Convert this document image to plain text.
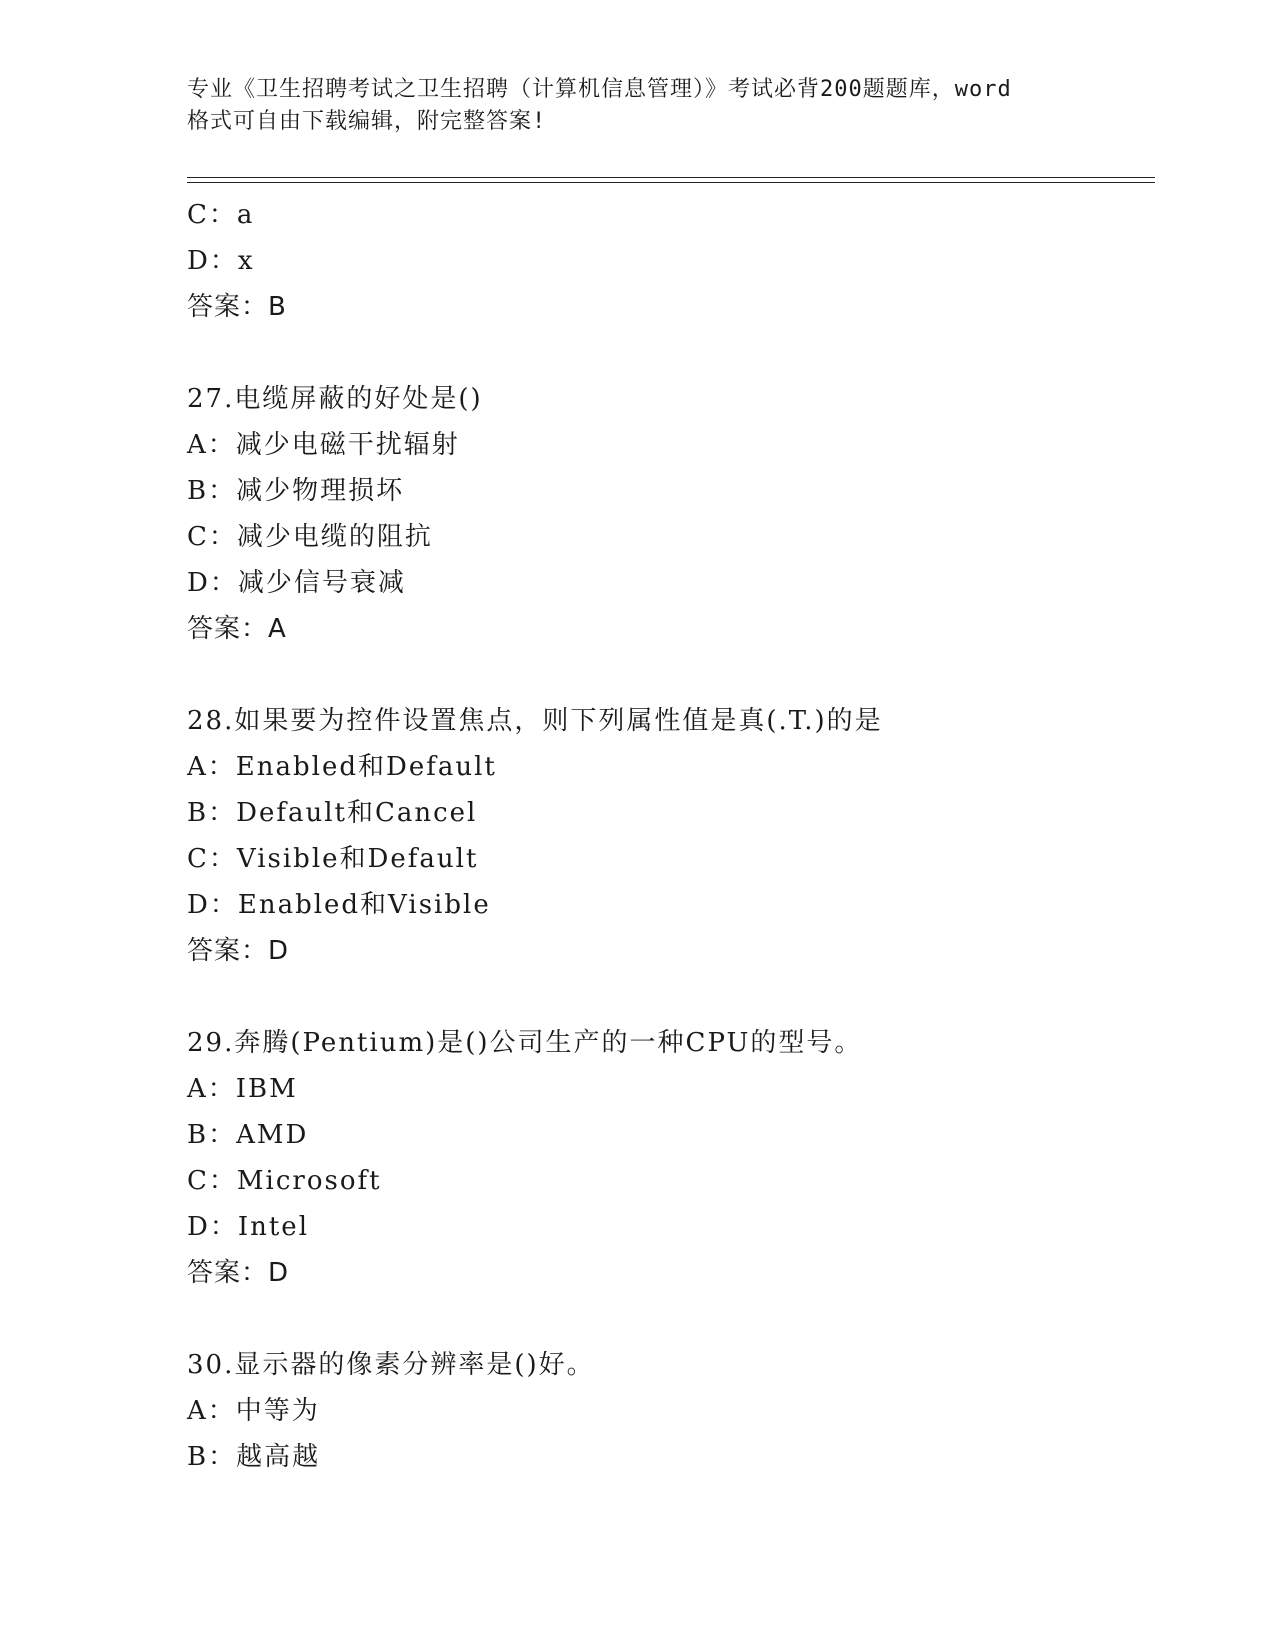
专业《卫生招聘考试之卫生招聘（计算机信息管理）》考试必背200题题库，word
格式可自由下载编辑，附完整答案!
C：a
D：x
答案：B
27.电缆屏蔽的好处是()
A：减少电磁干扰辐射
B：减少物理损坏
C：减少电缆的阻抗
D：减少信号衰减
答案：A
28.如果要为控件设置焦点，则下列属性值是真(.T.)的是
A：Enabled和Default
B：Default和Cancel
C：Visible和Default
D：Enabled和Visible
答案：D
29.奔腾(Pentium)是()公司生产的一种CPU的型号。
A：IBM
B：AMD
C：Microsoft
D：Intel
答案：D
30.显示器的像素分辨率是()好。
A：中等为
B：越高越
